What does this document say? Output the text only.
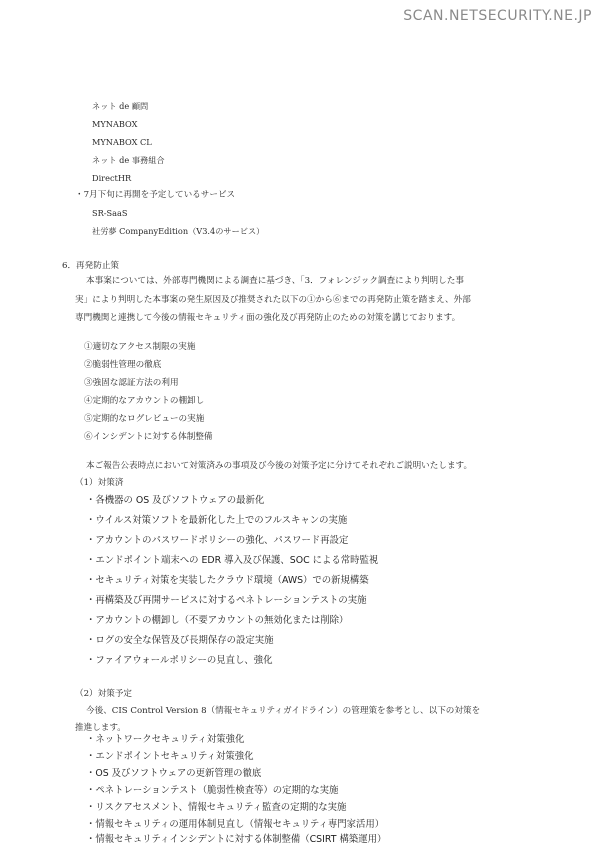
SCAN.NETSECURITY.NE.JP
ネット de 顧問
MYNABOX
MYNABOX CL
ネット de 事務組合
DirectHR
・7月下旬に再開を予定しているサービス
SR-SaaS
社労夢 CompanyEdition（V3.4のサービス）
6．再発防止策
本事案については、外部専門機関による調査に基づき、「3．フォレンジック調査により判明した事
実」により判明した本事案の発生原因及び推奨された以下の①から⑥までの再発防止策を踏まえ、外部
専門機関と連携して今後の情報セキュリティ面の強化及び再発防止のための対策を講じております。
①適切なアクセス制限の実施
②脆弱性管理の徹底
③強固な認証方法の利用
④定期的なアカウントの棚卸し
⑤定期的なログレビューの実施
⑥インシデントに対する体制整備
本ご報告公表時点において対策済みの事項及び今後の対策予定に分けてそれぞれご説明いたします。
（1）対策済
・各機器の OS 及びソフトウェアの最新化
・ウイルス対策ソフトを最新化した上でのフルスキャンの実施
・アカウントのパスワードポリシーの強化、パスワード再設定
・エンドポイント端末への EDR 導入及び保護、SOC による常時監視
・セキュリティ対策を実装したクラウド環境（AWS）での新規構築
・再構築及び再開サービスに対するペネトレーションテストの実施
・アカウントの棚卸し（不要アカウントの無効化または削除）
・ログの安全な保管及び長期保存の設定実施
・ファイアウォールポリシーの見直し、強化
（2）対策予定
今後、CIS Control Version 8（情報セキュリティガイドライン）の管理策を参考とし、以下の対策を
推進します。
・ネットワークセキュリティ対策強化
・エンドポイントセキュリティ対策強化
・OS 及びソフトウェアの更新管理の徹底
・ペネトレーションテスト（脆弱性検査等）の定期的な実施
・リスクアセスメント、情報セキュリティ監査の定期的な実施
・情報セキュリティの運用体制見直し（情報セキュリティ専門家活用）
・情報セキュリティインシデントに対する体制整備（CSIRT 構築運用）
